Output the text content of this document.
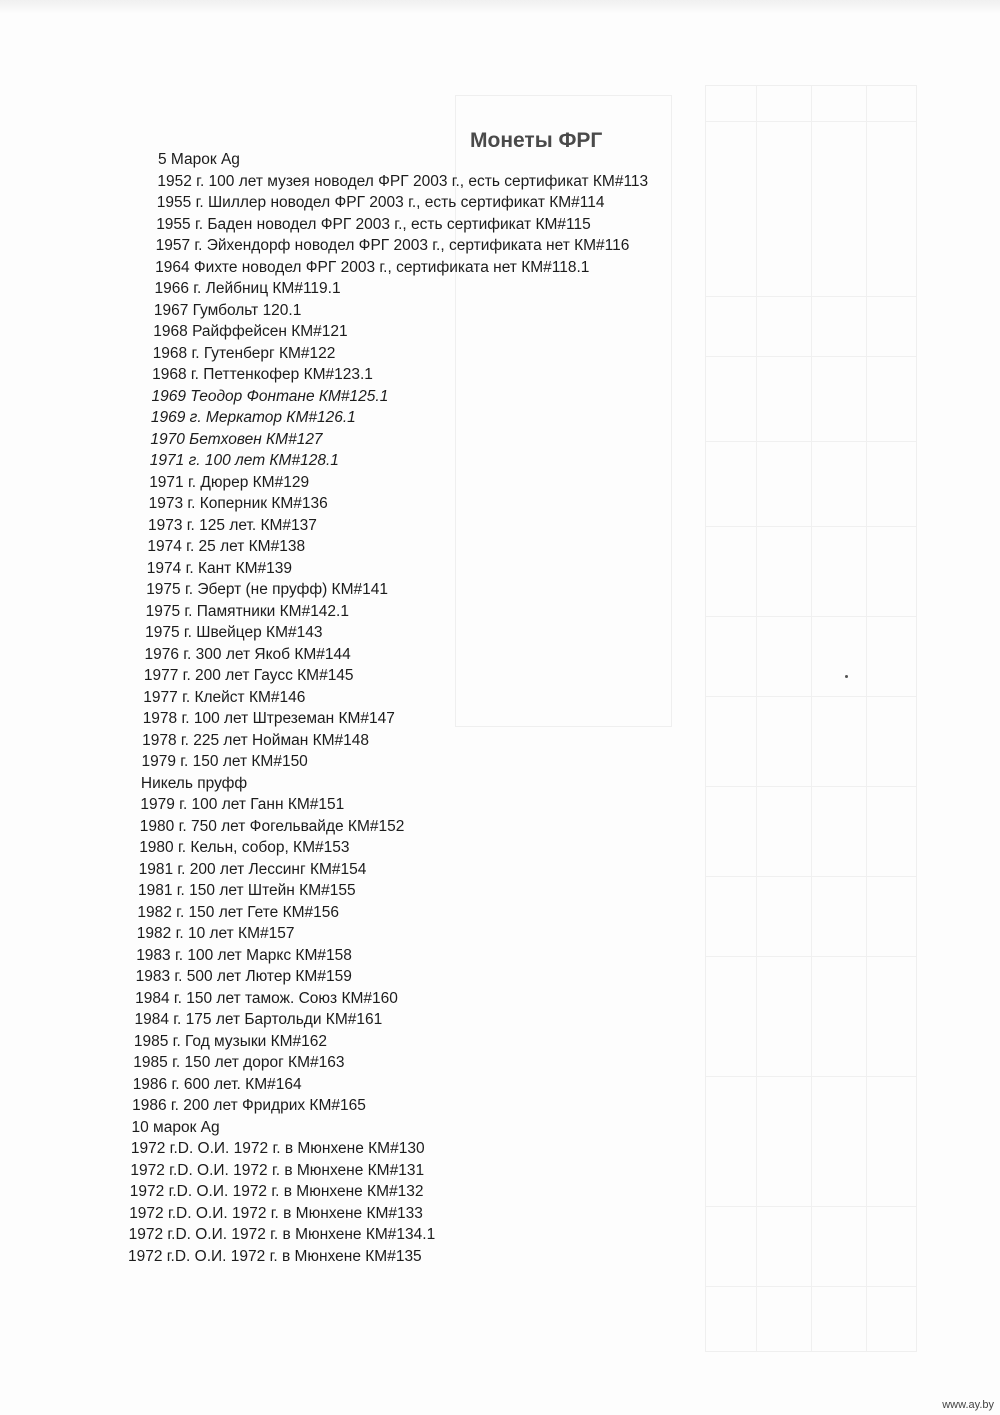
Монеты ФРГ
5 Марок Ag
1952 г. 100 лет музея новодел ФРГ 2003 г., есть сертификат КМ#113
1955 г. Шиллер новодел ФРГ 2003 г., есть сертификат КМ#114
1955 г. Баден новодел ФРГ 2003 г., есть сертификат КМ#115
1957 г. Эйхендорф новодел ФРГ 2003 г., сертификата нет КМ#116
1964 Фихте новодел ФРГ 2003 г., сертификата нет КМ#118.1
1966 г. Лейбниц КМ#119.1
1967 Гумбольт 120.1
1968 Райффейсен КМ#121
1968 г. Гутенберг КМ#122
1968 г. Петтенкофер КМ#123.1
1969 Теодор Фонтане КМ#125.1
1969 г. Меркатор КМ#126.1
1970 Бетховен КМ#127
1971 г. 100 лет КМ#128.1
1971 г. Дюрер КМ#129
1973 г. Коперник КМ#136
1973 г. 125 лет. КМ#137
1974 г. 25 лет КМ#138
1974 г. Кант КМ#139
1975 г. Эберт (не пруфф) КМ#141
1975 г. Памятники КМ#142.1
1975 г. Швейцер КМ#143
1976 г. 300 лет Якоб КМ#144
1977 г. 200 лет Гаусс КМ#145
1977 г. Клейст КМ#146
1978 г. 100 лет Штреземан КМ#147
1978 г. 225 лет Нойман КМ#148
1979 г. 150 лет КМ#150
Никель пруфф
1979 г. 100 лет Ганн КМ#151
1980 г. 750 лет Фогельвайде КМ#152
1980 г. Кельн, собор, КМ#153
1981 г. 200 лет Лессинг КМ#154
1981 г. 150 лет Штейн КМ#155
1982 г. 150 лет Гете КМ#156
1982 г. 10 лет КМ#157
1983 г. 100 лет Маркс КМ#158
1983 г. 500 лет Лютер КМ#159
1984 г. 150 лет тамож. Союз КМ#160
1984 г. 175 лет Бартольди КМ#161
1985 г. Год музыки КМ#162
1985 г. 150 лет дорог КМ#163
1986 г. 600 лет. КМ#164
1986 г. 200 лет Фридрих КМ#165
10 марок Ag
1972 г.D. О.И. 1972 г. в Мюнхене КМ#130
1972 г.D. О.И. 1972 г. в Мюнхене КМ#131
1972 г.D. О.И. 1972 г. в Мюнхене КМ#132
1972 г.D. О.И. 1972 г. в Мюнхене КМ#133
1972 г.D. О.И. 1972 г. в Мюнхене КМ#134.1
1972 г.D. О.И. 1972 г. в Мюнхене КМ#135
www.ay.by
